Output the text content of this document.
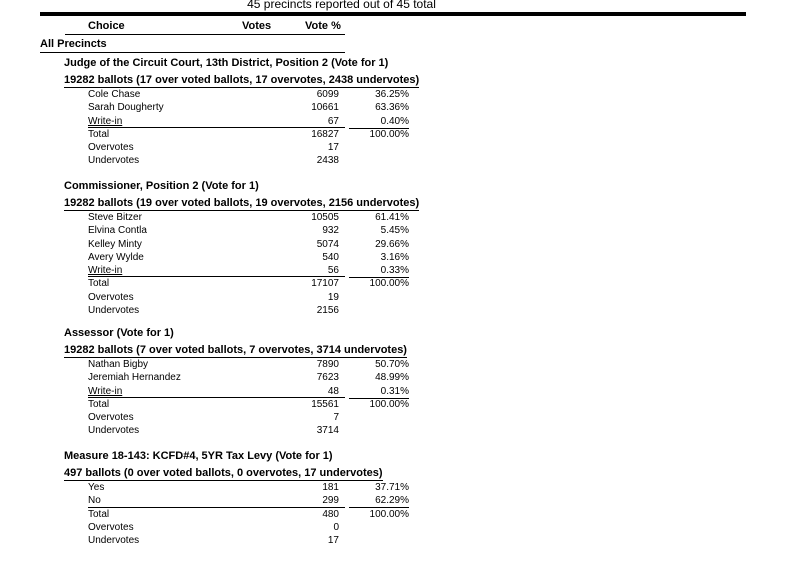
45 precincts reported out of 45 total
Choice	Votes	Vote %
All Precincts
Judge of the Circuit Court, 13th District, Position 2 (Vote for 1)
19282 ballots (17 over voted ballots, 17 overvotes, 2438 undervotes)
Cole Chase	6099	36.25%
Sarah Dougherty	10661	63.36%
Write-in	67	0.40%
Total	16827	100.00%
Overvotes	17
Undervotes	2438
Commissioner, Position 2 (Vote for 1)
19282 ballots (19 over voted ballots, 19 overvotes, 2156 undervotes)
Steve Bitzer	10505	61.41%
Elvina Contla	932	5.45%
Kelley Minty	5074	29.66%
Avery Wylde	540	3.16%
Write-in	56	0.33%
Total	17107	100.00%
Overvotes	19
Undervotes	2156
Assessor (Vote for 1)
19282 ballots (7 over voted ballots, 7 overvotes, 3714 undervotes)
Nathan Bigby	7890	50.70%
Jeremiah Hernandez	7623	48.99%
Write-in	48	0.31%
Total	15561	100.00%
Overvotes	7
Undervotes	3714
Measure 18-143: KCFD#4, 5YR Tax Levy (Vote for 1)
497 ballots (0 over voted ballots, 0 overvotes, 17 undervotes)
Yes	181	37.71%
No	299	62.29%
Total	480	100.00%
Overvotes	0
Undervotes	17
